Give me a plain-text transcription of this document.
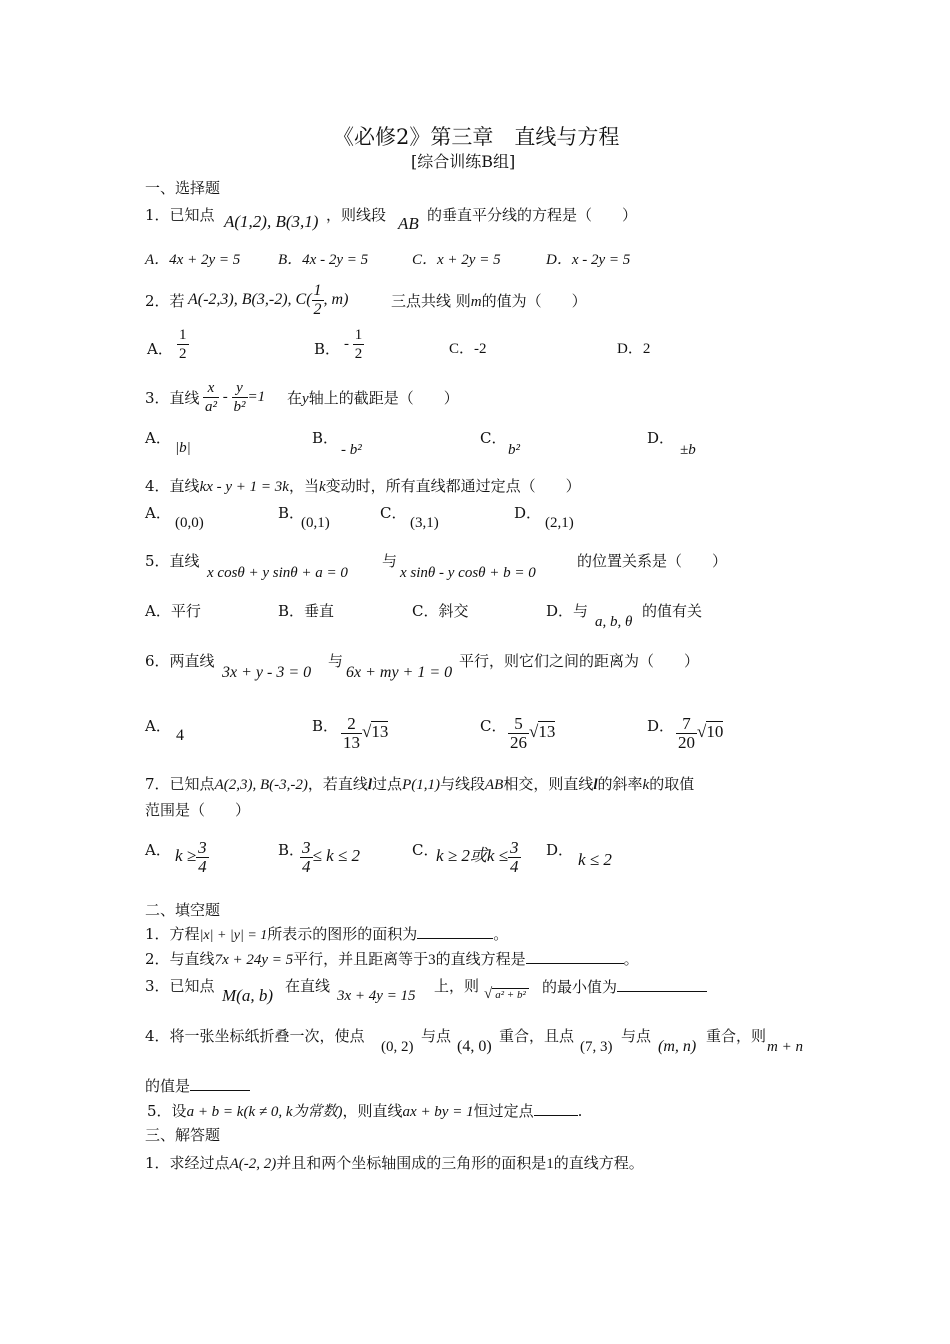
《必修2》第三章　直线与方程
[综合训练B组]
一、选择题
1．已知点 A(1,2), B(3,1) ，则线段 AB 的垂直平分线的方程是（　　）
A．4x + 2y = 5	B．4x - 2y = 5	C．x + 2y = 5	D．x - 2y = 5
2．若 A(-2,3), B(3,-2), $C( \frac{1}{2}$ , m)	三点共线 则m的值为（　　）
A． $\frac{1}{2}$	B． - $\frac{1}{2}$	C．-2	D．2
3．直线 $\frac{x}{\text{a²}} - \frac{y}{\text{b²}} =1$ 在y轴上的截距是（　　）
A．
|b|
B．
- b²
C．
b²
D．
±b
4．直线kx - y + 1 = 3k，当k变动时，所有直线都通过定点（　　）
A．
(0,0)
B．
(0,1)
C．
(3,1)
D．
(2,1)
5．直线
x cosθ + y sinθ + a = 0
与
x sinθ - y cosθ + b = 0
的位置关系是（　　）
A．平行	B．垂直	C．斜交	D．与
a, b, θ
的值有关
6．两直线
3x + y - 3 = 0
与
6x + my + 1 = 0
平行，则它们之间的距离为（　　）
A．
4
B． $\frac{2}{13} √13$	C． $\frac{5}{26} √13$	D． $\frac{7}{20} √10$
7．已知点A(2,3), B(-3,-2)，若直线l过点P(1,1)与线段AB相交，则直线l的斜率k的取值
范围是（　　）
A． $k \ge \frac{3}{4}$	B．
$\frac{3}{4} \le k \le 2$	C．
k ≥ 2或$k \le \frac{3}{4}$ D． k ≤ 2
二、填空题
1．方程|x| + |y| = 1所表示的图形的面积为	。
2．与直线7x + 24y = 5平行，并且距离等于3的直线方程是	。
3．已知点 M(a, b) 在直线
3x + 4y = 15
上，则 √ a² + b² 的最小值为
4．将一张坐标纸折叠一次，使点
(0, 2)
与点
(4, 0)
重合，且点
(7, 3)
与点
(m, n)
重合，则
m + n
的值是
5．设a + b = k(k ≠ 0, k为常数)，则直线ax + by = 1恒过定点	.
三、解答题
1．求经过点A(-2, 2)并且和两个坐标轴围成的三角形的面积是1的直线方程。
